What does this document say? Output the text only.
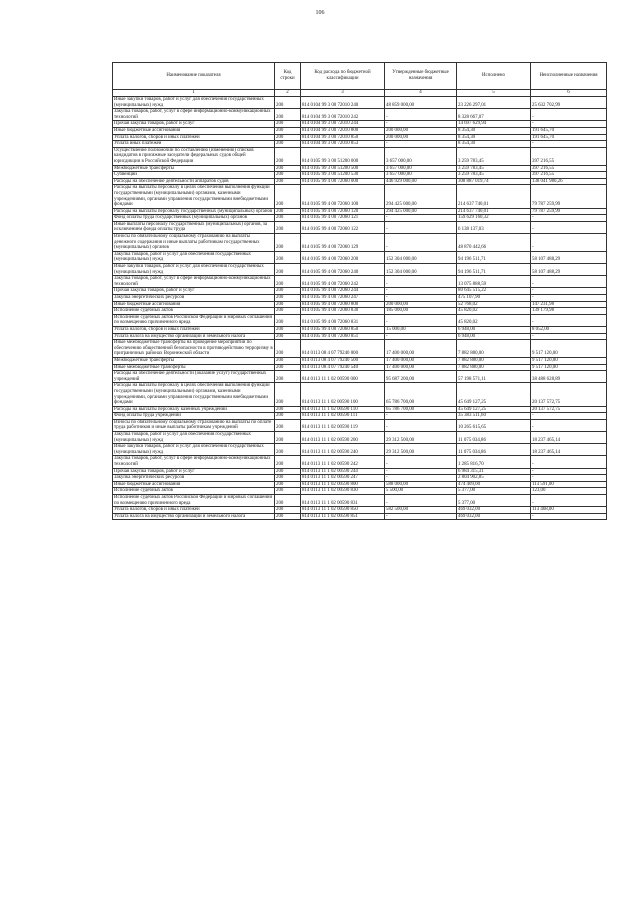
106
Наименование показателя	Код строки	Код расхода по бюджетной классификации	Утвержденные бюджетные назначения	Исполнено	Неисполненные назначения
1	2	3	4	5	6
Иные закупки товаров, работ и услуг для обеспечения государственных (муниципальных) нужд	200	814 0104 99 3 00 72010 240	48 859 000,00	23 226 297,01	25 632 702,99
Закупка товаров, работ, услуг в сфере информационно-коммуникационных технологий	200	814 0104 99 3 00 72010 242	-	8 328 667,07	-
Прочая закупка товаров, работ и услуг	200	814 0104 99 3 00 72010 244	-	14 697 629,94	-
Иные бюджетные ассигнования	200	814 0104 99 3 00 72010 800	200 000,00	8 354,30	191 645,70
Уплата налогов, сборов и иных платежей	200	814 0104 99 3 00 72010 850	200 000,00	8 354,30	191 645,70
Уплата иных платежей	200	814 0104 99 3 00 72010 853	-	8 354,30	-
Осуществление полномочий по составлению (изменению) списков кандидатов в присяжные заседатели федеральных судов общей юрисдикции в Российской Федерации	200	814 0105 99 3 00 51200 000	3 657 000,00	3 259 783,45	397 216,55
Межбюджетные трансферты	200	814 0105 99 3 00 51200 500	3 657 000,00	3 259 783,45	397 216,55
Субвенции	200	814 0105 99 3 00 51200 530	3 657 000,00	3 259 783,45	397 216,55
Расходы на обеспечение деятельности аппаратов судов	200	814 0105 99 4 00 72060 000	446 929 000,00	308 887 019,74	138 041 980,26
Расходы на выплаты персоналу в целях обеспечения выполнения функций государственными (муниципальными) органами, казенными учреждениями, органами управления государственными внебюджетными фондами	200	814 0105 99 4 00 72060 100	294 425 000,00	214 637 740,01	79 787 259,99
Расходы на выплаты персоналу государственных (муниципальных) органов	200	814 0105 99 4 00 72060 120	294 425 000,00	214 637 740,01	79 787 259,99
Фонд оплаты труда государственных (муниципальных) органов	200	814 0105 99 4 00 72060 121	-	159 629 160,32	-
Иные выплаты персоналу государственных (муниципальных) органов, за исключением фонда оплаты труда	200	814 0105 99 4 00 72060 122	-	6 138 137,03	-
Взносы по обязательному социальному страхованию на выплаты денежного содержания и иные выплаты работникам государственных (муниципальных) органов	200	814 0105 99 4 00 72060 129	-	48 870 442,66	-
Закупка товаров, работ и услуг для обеспечения государственных (муниципальных) нужд	200	814 0105 99 4 00 72060 200	152 304 000,00	94 196 511,71	58 107 488,29
Иные закупки товаров, работ и услуг для обеспечения государственных (муниципальных) нужд	200	814 0105 99 4 00 72060 240	152 304 000,00	94 196 511,71	58 107 488,29
Закупка товаров, работ, услуг в сфере информационно-коммуникационных технологий	200	814 0105 99 4 00 72060 242	-	13 075 888,59	-
Прочая закупка товаров, работ и услуг	200	814 0105 99 4 00 72060 244	-	80 645 515,22	-
Закупка энергетических ресурсов	200	814 0105 99 4 00 72060 247	-	475 107,90	-
Иные бюджетные ассигнования	200	814 0105 99 4 00 72060 800	200 000,00	52 768,02	147 231,98
Исполнение судебных актов	200	814 0105 99 4 00 72060 830	185 000,00	45 820,02	139 179,98
Исполнение судебных актов Российской Федерации и мировых соглашений по возмещению причиненного вреда	200	814 0105 99 4 00 72060 831	-	45 820,02	-
Уплата налогов, сборов и иных платежей	200	814 0105 99 4 00 72060 850	15 000,00	6 948,00	8 052,00
Уплата налога на имущество организаций и земельного налога	200	814 0105 99 4 00 72060 851	-	6 948,00	-
Иные межбюджетные трансферты на проведение мероприятий по обеспечению общественной безопасности в противодействию терроризму в приграничных районах Воронежской области	200	814 0113 08 4 07 79240 000	17 400 000,00	7 882 880,00	9 517 120,00
Межбюджетные трансферты	200	814 0113 08 4 07 79240 500	17 400 000,00	7 882 880,00	9 517 120,00
Иные межбюджетные трансферты	200	814 0113 08 4 07 79240 540	17 400 000,00	7 882 880,00	9 517 120,00
Расходы на обеспечение деятельности (оказание услуг) государственных учреждений	200	814 0113 11 1 02 00590 000	95 687 200,00	57 198 571,11	38 488 628,89
Расходы на выплаты персоналу в целях обеспечения выполнения функций государственными (муниципальными) органами, казенными учреждениями, органами управления государственными внебюджетными фондами	200	814 0113 11 1 02 00590 100	65 786 700,00	45 649 127,25	20 137 572,75
Расходы на выплаты персоналу казенных учреждений	200	814 0113 11 1 02 00590 110	65 786 700,00	45 649 127,25	20 137 572,75
Фонд оплаты труда учреждений	200	814 0113 11 1 02 00590 111	-	35 383 511,60	-
Взносы по обязательному социальному страхованию на выплаты по оплате труда работников и иные выплаты работникам учреждений	200	814 0113 11 1 02 00590 119	-	10 265 615,65	-
Закупка товаров, работ и услуг для обеспечения государственных (муниципальных) нужд	200	814 0113 11 1 02 00590 200	29 312 500,00	11 075 034,86	18 237 465,14
Иные закупки товаров, работ и услуг для обеспечения государственных (муниципальных) нужд	200	814 0113 11 1 02 00590 240	29 312 500,00	11 075 034,86	18 237 465,14
Закупка товаров, работ, услуг в сфере информационно-коммуникационных технологий	200	814 0113 11 1 02 00590 242	-	1 285 816,70	-
Прочая закупка товаров, работ и услуг	200	814 0113 11 1 02 00590 244	-	6 984 315,31	-
Закупка энергетических ресурсов	200	814 0113 11 1 02 00590 247	-	2 804 902,85	-
Иные бюджетные ассигнования	200	814 0113 11 1 02 00590 800	588 000,00	474 409,00	113 591,00
Исполнение судебных актов	200	814 0113 11 1 02 00590 830	5 500,00	5 377,00	123,00
Исполнение судебных актов Российской Федерации и мировых соглашений по возмещению причиненного вреда	200	814 0113 11 1 02 00590 831	-	5 377,00	-
Уплата налогов, сборов и иных платежей	200	814 0113 11 1 02 00590 850	582 500,00	469 032,00	113 468,00
Уплата налога на имущество организаций и земельного налога	200	814 0113 11 1 02 00590 851	-	469 032,00	-
